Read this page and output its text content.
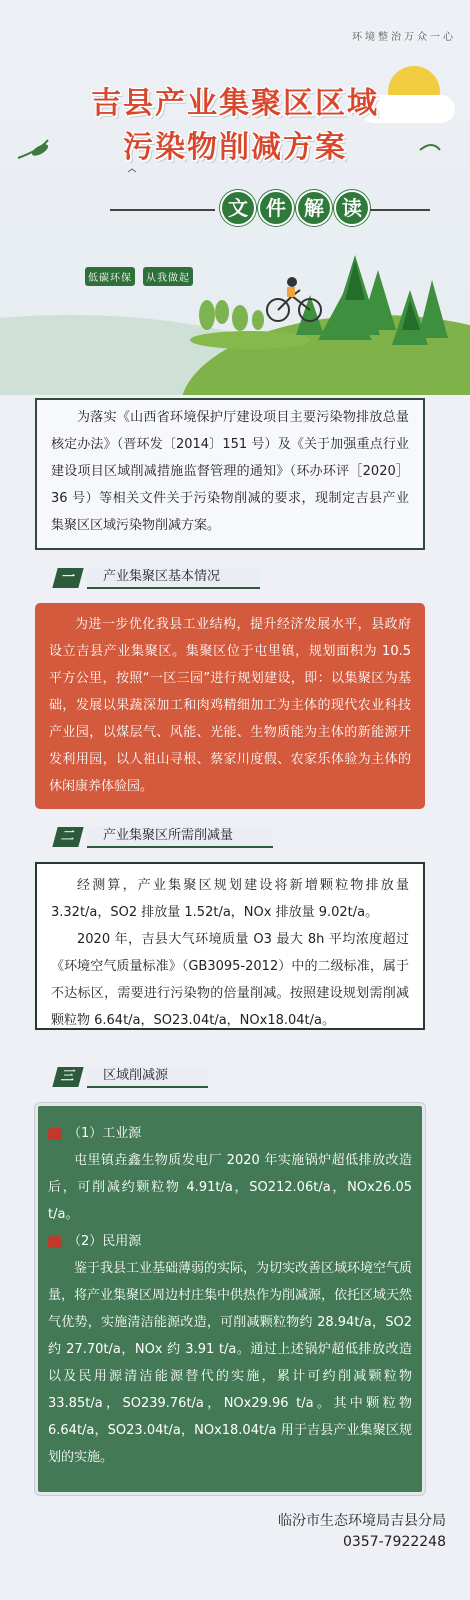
环境整治万众一心
吉县产业集聚区区域
污染物削减方案
文 件 解 读
低碳环保	从我做起

为落实《山西省环境保护厅建设项目主要污染物排放总量核定办法》（晋环发〔2014〕151 号）及《关于加强重点行业建设项目区域削减措施监督管理的通知》（环办环评［2020］36 号）等相关文件关于污染物削减的要求，现制定吉县产业集聚区区域污染物削减方案。

一	产业集聚区基本情况

为进一步优化我县工业结构，提升经济发展水平，县政府设立吉县产业集聚区。集聚区位于屯里镇，规划面积为 10.5 平方公里，按照“一区三园”进行规划建设，即：以集聚区为基础，发展以果蔬深加工和肉鸡精细加工为主体的现代农业科技产业园，以煤层气、风能、光能、生物质能为主体的新能源开发利用园，以人祖山寻根、蔡家川度假、农家乐体验为主体的休闲康养体验园。

二	产业集聚区所需削减量

经测算，产业集聚区规划建设将新增颗粒物排放量 3.32t/a，SO2 排放量 1.52t/a，NOx 排放量 9.02t/a。

2020 年，吉县大气环境质量 O3 最大 8h 平均浓度超过《环境空气质量标准》（GB3095-2012）中的二级标准，属于不达标区，需要进行污染物的倍量削减。按照建设规划需削减颗粒物 6.64t/a，SO23.04t/a，NOx18.04t/a。

三	区域削减源

（1）工业源

屯里镇垚鑫生物质发电厂 2020 年实施锅炉超低排放改造后，可削减约颗粒物 4.91t/a，SO212.06t/a，NOx26.05 t/a。

（2）民用源

鉴于我县工业基础薄弱的实际，为切实改善区域环境空气质量，将产业集聚区周边村庄集中供热作为削减源，依托区域天然气优势，实施清洁能源改造，可削减颗粒物约 28.94t/a，SO2 约 27.70t/a，NOx 约 3.91 t/a。通过上述锅炉超低排放改造以及民用源清洁能源替代的实施，累计可约削减颗粒物 33.85t/a，SO239.76t/a，NOx29.96 t/a。其中颗粒物 6.64t/a，SO23.04t/a，NOx18.04t/a 用于吉县产业集聚区规划的实施。

临汾市生态环境局吉县分局
0357-7922248
